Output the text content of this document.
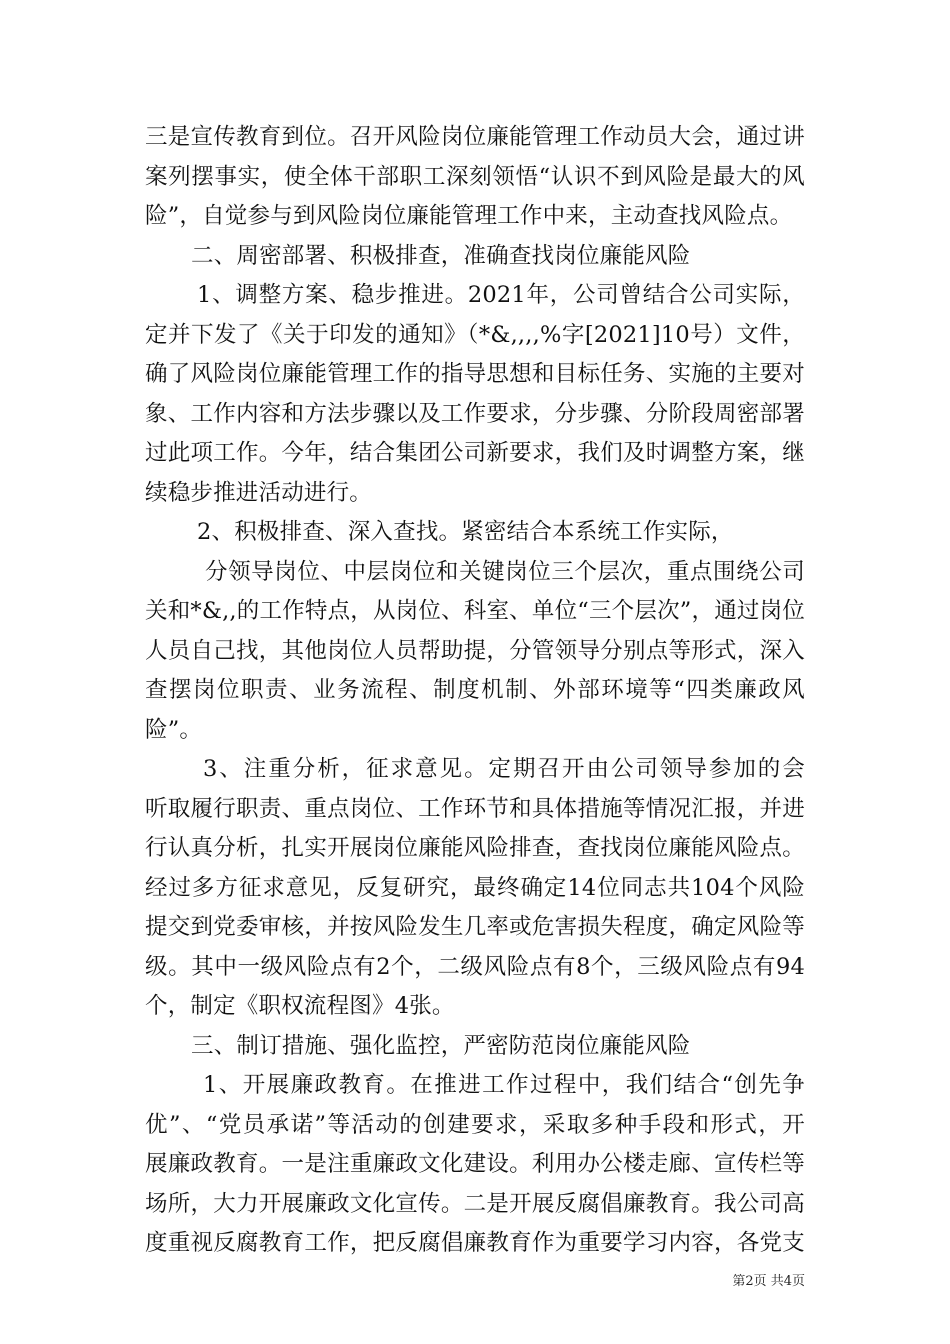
三是宣传教育到位。召开风险岗位廉能管理工作动员大会，通过讲
案列摆事实，使全体干部职工深刻领悟“认识不到风险是最大的风
险”，自觉参与到风险岗位廉能管理工作中来，主动查找风险点。
二、周密部署、积极排查，准确查找岗位廉能风险
1、调整方案、稳步推进。2021年，公司曾结合公司实际，
定并下发了《关于印发的通知》（*&,,,,%字[2021]10号）文件，
确了风险岗位廉能管理工作的指导思想和目标任务、实施的主要对
象、工作内容和方法步骤以及工作要求，分步骤、分阶段周密部署
过此项工作。今年，结合集团公司新要求，我们及时调整方案，继
续稳步推进活动进行。
2、积极排查、深入查找。紧密结合本系统工作实际，
分领导岗位、中层岗位和关键岗位三个层次，重点围绕公司
关和*&,,的工作特点，从岗位、科室、单位“三个层次”，通过岗位
人员自己找，其他岗位人员帮助提，分管领导分别点等形式，深入
查摆岗位职责、业务流程、制度机制、外部环境等“四类廉政风
险”。
3、注重分析，征求意见。定期召开由公司领导参加的会
听取履行职责、重点岗位、工作环节和具体措施等情况汇报，并进
行认真分析，扎实开展岗位廉能风险排查，查找岗位廉能风险点。
经过多方征求意见，反复研究，最终确定14位同志共104个风险
提交到党委审核，并按风险发生几率或危害损失程度，确定风险等
级。其中一级风险点有2个，二级风险点有8个，三级风险点有94
个，制定《职权流程图》4张。
三、制订措施、强化监控，严密防范岗位廉能风险
1、开展廉政教育。在推进工作过程中，我们结合“创先争
优”、“党员承诺”等活动的创建要求，采取多种手段和形式，开
展廉政教育。一是注重廉政文化建设。利用办公楼走廊、宣传栏等
场所，大力开展廉政文化宣传。二是开展反腐倡廉教育。我公司高
度重视反腐教育工作，把反腐倡廉教育作为重要学习内容，各党支
第2页 共4页
